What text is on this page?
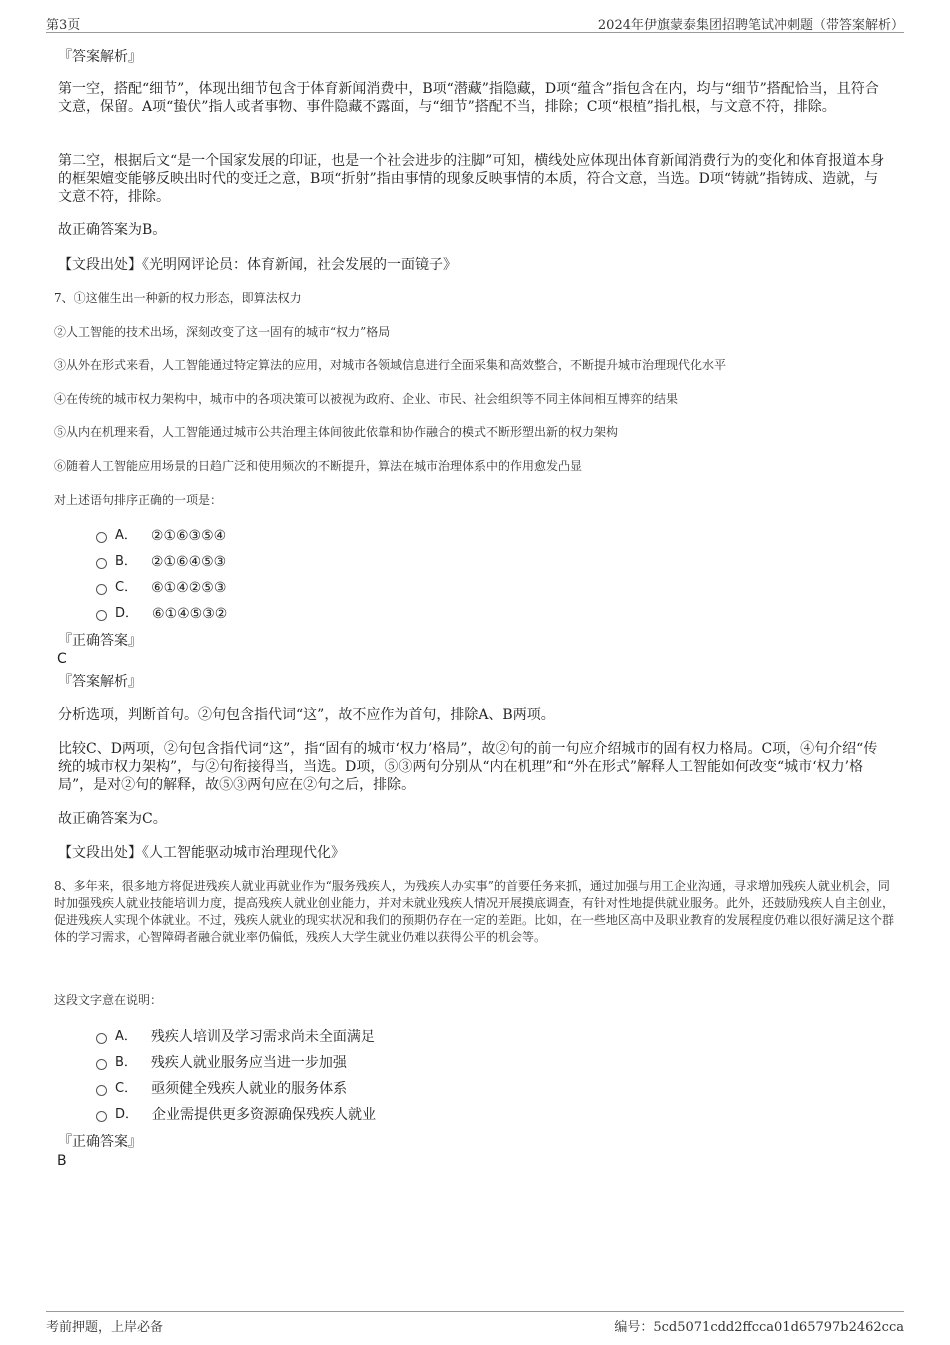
第3页	2024年伊旗蒙泰集团招聘笔试冲刺题（带答案解析）
『答案解析』
第一空，搭配“细节”，体现出细节包含于体育新闻消费中，B项“潜藏”指隐藏，D项“蕴含”指包含在内，均与“细节”搭配恰当，且符合文意，保留。A项“蛰伏”指人或者事物、事件隐藏不露面，与“细节”搭配不当，排除；C项“根植”指扎根，与文意不符，排除。
第二空，根据后文“是一个国家发展的印证，也是一个社会进步的注脚”可知，横线处应体现出体育新闻消费行为的变化和体育报道本身的框架嬗变能够反映出时代的变迁之意，B项“折射”指由事情的现象反映事情的本质，符合文意，当选。D项“铸就”指铸成、造就，与文意不符，排除。
故正确答案为B。
【文段出处】《光明网评论员：体育新闻，社会发展的一面镜子》
7、①这催生出一种新的权力形态，即算法权力
②人工智能的技术出场，深刻改变了这一固有的城市“权力”格局
③从外在形式来看，人工智能通过特定算法的应用，对城市各领域信息进行全面采集和高效整合，不断提升城市治理现代化水平
④在传统的城市权力架构中，城市中的各项决策可以被视为政府、企业、市民、社会组织等不同主体间相互博弈的结果
⑤从内在机理来看，人工智能通过城市公共治理主体间彼此依靠和协作融合的模式不断形塑出新的权力架构
⑥随着人工智能应用场景的日趋广泛和使用频次的不断提升，算法在城市治理体系中的作用愈发凸显
对上述语句排序正确的一项是：
A． ②①⑥③⑤④
B． ②①⑥④⑤③
C． ⑥①④②⑤③
D． ⑥①④⑤③②
『正确答案』
C
『答案解析』
分析选项，判断首句。②句包含指代词“这”，故不应作为首句，排除A、B两项。
比较C、D两项，②句包含指代词“这”，指“固有的城市‘权力’格局”，故②句的前一句应介绍城市的固有权力格局。C项，④句介绍“传统的城市权力架构”，与②句衔接得当，当选。D项，⑤③两句分别从“内在机理”和“外在形式”解释人工智能如何改变“城市‘权力’格局”，是对②句的解释，故⑤③两句应在②句之后，排除。
故正确答案为C。
【文段出处】《人工智能驱动城市治理现代化》
8、多年来，很多地方将促进残疾人就业再就业作为“服务残疾人，为残疾人办实事”的首要任务来抓，通过加强与用工企业沟通，寻求增加残疾人就业机会，同时加强残疾人就业技能培训力度，提高残疾人就业创业能力，并对未就业残疾人情况开展摸底调查，有针对性地提供就业服务。此外，还鼓励残疾人自主创业，促进残疾人实现个体就业。不过，残疾人就业的现实状况和我们的预期仍存在一定的差距。比如，在一些地区高中及职业教育的发展程度仍难以很好满足这个群体的学习需求，心智障碍者融合就业率仍偏低，残疾人大学生就业仍难以获得公平的机会等。
这段文字意在说明：
A． 残疾人培训及学习需求尚未全面满足
B． 残疾人就业服务应当进一步加强
C． 亟须健全残疾人就业的服务体系
D． 企业需提供更多资源确保残疾人就业
『正确答案』
B
考前押题，上岸必备	编号：5cd5071cdd2ffcca01d65797b2462cca
